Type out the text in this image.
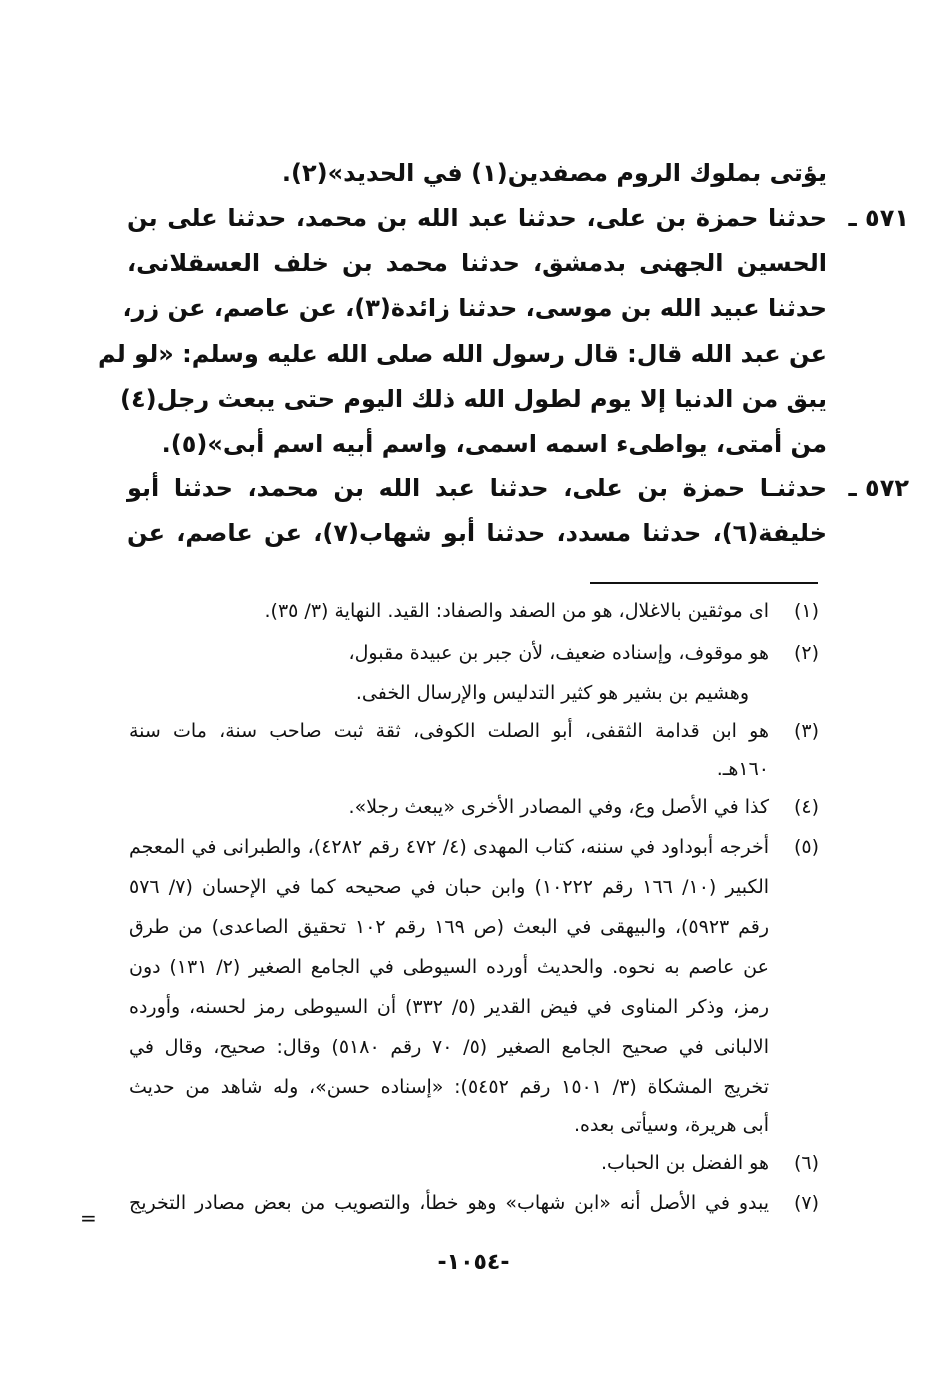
يؤتى بملوك الروم مصفدين(١) في الحديد»(٢).
٥٧١ ـ
حدثنا حمزة بن على، حدثنا عبد الله بن محمد، حدثنا على بن
الحسين الجهنى بدمشق، حدثنا محمد بن خلف العسقلانى،
حدثنا عبيد الله بن موسى، حدثنا زائدة(٣)، عن عاصم، عن زر،
عن عبد الله قال: قال رسول الله صلى الله عليه وسلم: «لو لم
يبق من الدنيا إلا يوم لطول الله ذلك اليوم حتى يبعث رجل(٤)
من أمتى، يواطىء اسمه اسمى، واسم أبيه اسم أبى»(٥).
٥٧٢ ـ
حدثنـا حمزة بن على، حدثنا عبد الله بن محمد، حدثنا أبو
خليفة(٦)، حدثنا مسدد، حدثنا أبو شهاب(٧)، عن عاصم، عن
(١)
اى موثقين بالاغلال، هو من الصفد والصفاد: القيد. النهاية (٣/ ٣٥).
(٢)
هو موقوف، وإسناده ضعيف، لأن جبر بن عبيدة مقبول،
وهشيم بن بشير هو كثير التدليس والإرسال الخفى.
(٣)
هو ابن قدامة الثقفى، أبو الصلت الكوفى، ثقة ثبت صاحب سنة، مات سنة
١٦٠هـ.
(٤)
كذا في الأصل وع، وفي المصادر الأخرى «يبعث رجلا».
(٥)
أخرجه أبوداود في سننه، كتاب المهدى (٤/ ٤٧٢ رقم ٤٢٨٢)، والطبرانى في المعجم
الكبير (١٠/ ١٦٦ رقم ١٠٢٢٢) وابن حبان في صحيحه كما في الإحسان (٧/ ٥٧٦
رقم ٥٩٢٣)، والبيهقى في البعث (ص ١٦٩ رقم ١٠٢ تحقيق الصاعدى) من طرق
عن عاصم به نحوه. والحديث أورده السيوطى في الجامع الصغير (٢/ ١٣١) دون
رمز، وذكر المناوى في فيض القدير (٥/ ٣٣٢) أن السيوطى رمز لحسنه، وأورده
الالبانى في صحيح الجامع الصغير (٥/ ٧٠ رقم ٥١٨٠) وقال: صحيح، وقال في
تخريج المشكاة (٣/ ١٥٠١ رقم ٥٤٥٢): «إسناده حسن»، وله شاهد من حديث
أبى هريرة، وسيأتى بعده.
(٦)
هو الفضل بن الحباب.
(٧)
يبدو في الأصل أنه «ابن شهاب» وهو خطأ، والتصويب من بعض مصادر التخريج
=
-١٠٥٤-
